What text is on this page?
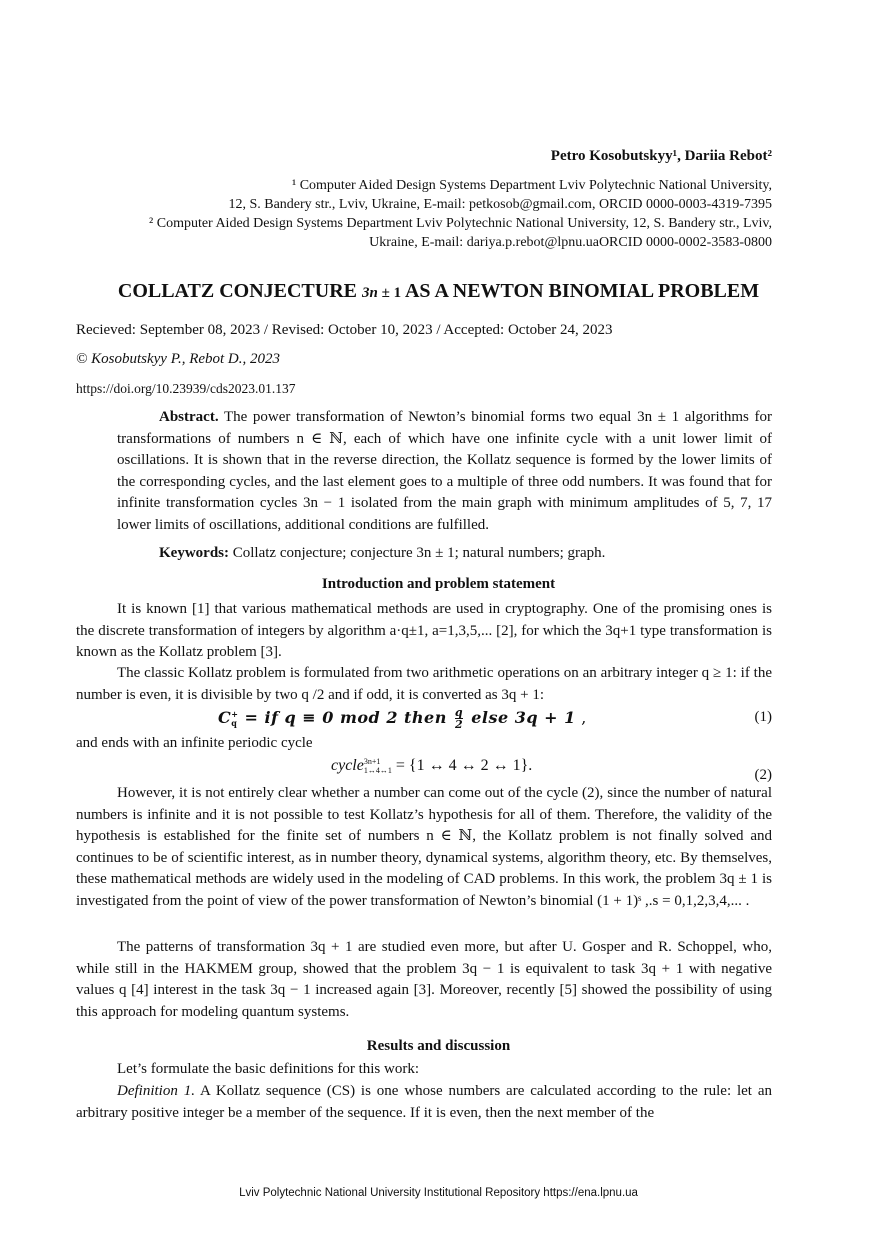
Petro Kosobutskyy¹, Dariia Rebot²
¹ Computer Aided Design Systems Department Lviv Polytechnic National University,
12, S. Bandery str., Lviv, Ukraine, E-mail: petkosob@gmail.com, ORCID 0000-0003-4319-7395
² Computer Aided Design Systems Department Lviv Polytechnic National University, 12, S. Bandery str., Lviv,
Ukraine, E-mail: dariya.p.rebot@lpnu.uaORCID 0000-0002-3583-0800
COLLATZ CONJECTURE 3n ± 1 AS A NEWTON BINOMIAL PROBLEM
Recieved: September 08, 2023 / Revised: October 10, 2023 / Accepted: October 24, 2023
© Kosobutskyy P., Rebot D., 2023
https://doi.org/10.23939/cds2023.01.137
Abstract. The power transformation of Newton’s binomial forms two equal 3n ± 1 algorithms for transformations of numbers n ∈ ℕ, each of which have one infinite cycle with a unit lower limit of oscillations. It is shown that in the reverse direction, the Kollatz sequence is formed by the lower limits of the corresponding cycles, and the last element goes to a multiple of three odd numbers. It was found that for infinite transformation cycles 3n − 1 isolated from the main graph with minimum amplitudes of 5, 7, 17 lower limits of oscillations, additional conditions are fulfilled.
Keywords: Collatz conjecture; conjecture 3n ± 1; natural numbers; graph.
Introduction and problem statement
It is known [1] that various mathematical methods are used in cryptography. One of the promising ones is the discrete transformation of integers by algorithm a·q±1, a=1,3,5,... [2], for which the 3q+1 type transformation is known as the Kollatz problem [3].
The classic Kollatz problem is formulated from two arithmetic operations on an arbitrary integer q ≥ 1: if the number is even, it is divisible by two q /2 and if odd, it is converted as 3q + 1:
C +
q = if q ≡ 0 mod 2 then $\frac{q}{2}$ else 3q + 1 ,	(1)
and ends with an infinite periodic cycle
cycle 3n+1
1↔4↔1 = {1 ↔ 4 ↔ 2 ↔ 1}.
(2)
However, it is not entirely clear whether a number can come out of the cycle (2), since the number of natural numbers is infinite and it is not possible to test Kollatz’s hypothesis for all of them. Therefore, the validity of the hypothesis is established for the finite set of numbers n ∈ ℕ, the Kollatz problem is not finally solved and continues to be of scientific interest, as in number theory, dynamical systems, algorithm theory, etc. By themselves, these mathematical methods are widely used in the modeling of CAD problems. In this work, the problem 3q ± 1 is investigated from the point of view of the power transformation of Newton’s binomial (1 + 1)ˢ ,.s = 0,1,2,3,4,... .
The patterns of transformation 3q + 1 are studied even more, but after U. Gosper and R. Schoppel, who, while still in the HAKMEM group, showed that the problem 3q − 1 is equivalent to task 3q + 1 with negative values q [4] interest in the task 3q − 1 increased again [3]. Moreover, recently [5] showed the possibility of using this approach for modeling quantum systems.
Results and discussion
Let’s formulate the basic definitions for this work:
Definition 1. A Kollatz sequence (CS) is one whose numbers are calculated according to the rule: let an arbitrary positive integer be a member of the sequence. If it is even, then the next member of the
Lviv Polytechnic National University Institutional Repository https://ena.lpnu.ua
